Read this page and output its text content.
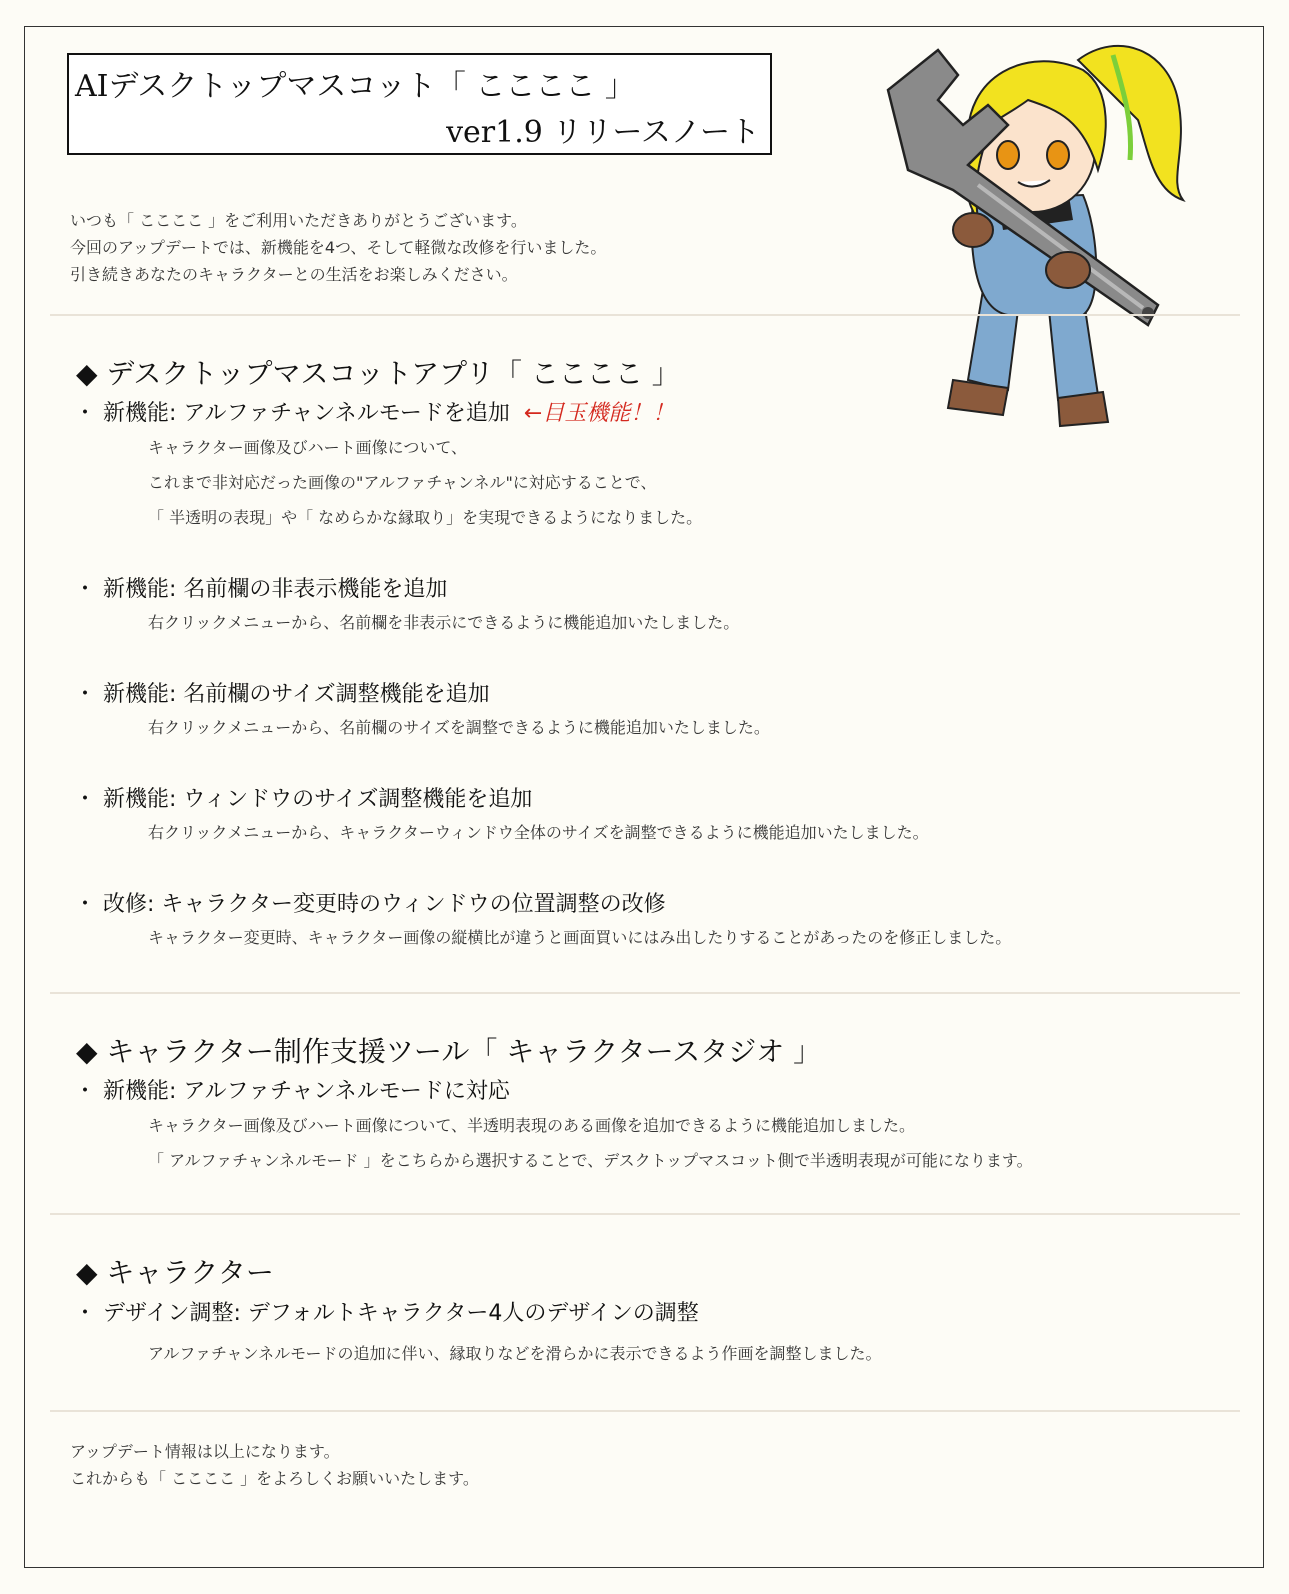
AIデスクトップマスコット「 ここここ 」
ver1.9 リリースノート
いつも「 ここここ 」をご利用いただきありがとうございます。
今回のアップデートでは、新機能を4つ、そして軽微な改修を行いました。
引き続きあなたのキャラクターとの生活をお楽しみください。
◆ デスクトップマスコットアプリ「 ここここ 」
・ 新機能: アルファチャンネルモードを追加 ←目玉機能！！
キャラクター画像及びハート画像について、
これまで非対応だった画像の"アルファチャンネル"に対応することで、
「 半透明の表現」や「 なめらかな縁取り」を実現できるようになりました。
・ 新機能: 名前欄の非表示機能を追加
右クリックメニューから、名前欄を非表示にできるように機能追加いたしました。
・ 新機能: 名前欄のサイズ調整機能を追加
右クリックメニューから、名前欄のサイズを調整できるように機能追加いたしました。
・ 新機能: ウィンドウのサイズ調整機能を追加
右クリックメニューから、キャラクターウィンドウ全体のサイズを調整できるように機能追加いたしました。
・ 改修: キャラクター変更時のウィンドウの位置調整の改修
キャラクター変更時、キャラクター画像の縦横比が違うと画面買いにはみ出したりすることがあったのを修正しました。
◆ キャラクター制作支援ツール「 キャラクタースタジオ 」
・ 新機能: アルファチャンネルモードに対応
キャラクター画像及びハート画像について、半透明表現のある画像を追加できるように機能追加しました。
「 アルファチャンネルモード 」をこちらから選択することで、デスクトップマスコット側で半透明表現が可能になります。
◆ キャラクター
・ デザイン調整: デフォルトキャラクター4人のデザインの調整
アルファチャンネルモードの追加に伴い、縁取りなどを滑らかに表示できるよう作画を調整しました。
アップデート情報は以上になります。
これからも「 ここここ 」をよろしくお願いいたします。
